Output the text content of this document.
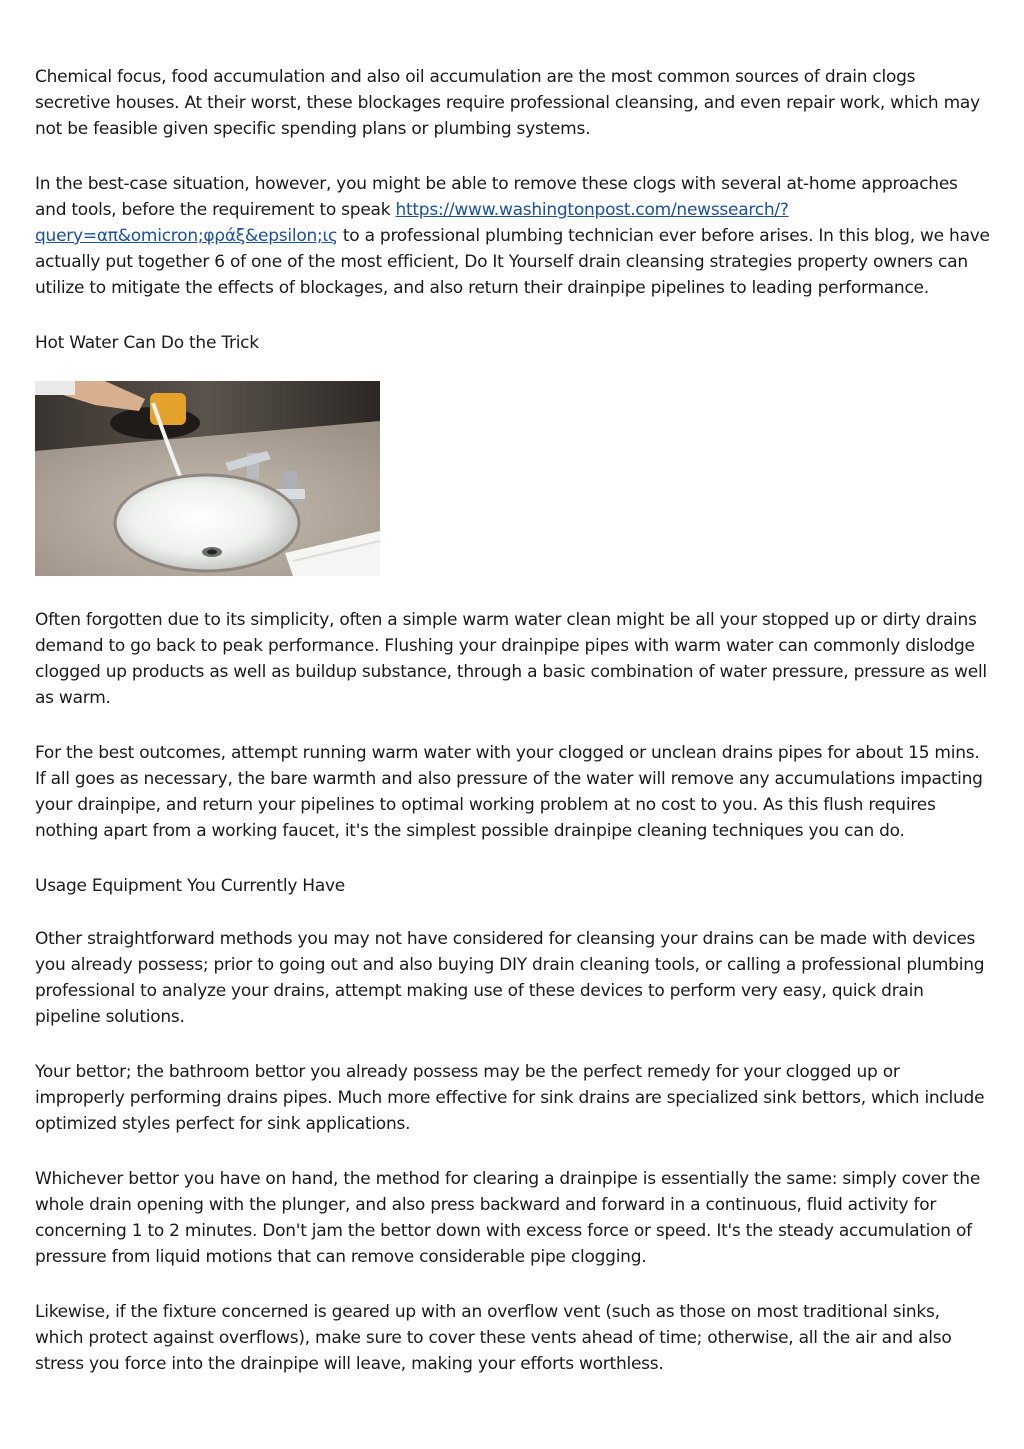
Chemical focus, food accumulation and also oil accumulation are the most common sources of drain clogs secretive houses. At their worst, these blockages require professional cleansing, and even repair work, which may not be feasible given specific spending plans or plumbing systems.

In the best-case situation, however, you might be able to remove these clogs with several at-home approaches and tools, before the requirement to speak https://www.washingtonpost.com/newssearch/?query=απ&omicron;φράξ&epsilon;ις to a professional plumbing technician ever before arises. In this blog, we have actually put together 6 of one of the most efficient, Do It Yourself drain cleansing strategies property owners can utilize to mitigate the effects of blockages, and also return their drainpipe pipelines to leading performance.

Hot Water Can Do the Trick

Often forgotten due to its simplicity, often a simple warm water clean might be all your stopped up or dirty drains demand to go back to peak performance. Flushing your drainpipe pipes with warm water can commonly dislodge clogged up products as well as buildup substance, through a basic combination of water pressure, pressure as well as warm.

For the best outcomes, attempt running warm water with your clogged or unclean drains pipes for about 15 mins. If all goes as necessary, the bare warmth and also pressure of the water will remove any accumulations impacting your drainpipe, and return your pipelines to optimal working problem at no cost to you. As this flush requires nothing apart from a working faucet, it's the simplest possible drainpipe cleaning techniques you can do.

Usage Equipment You Currently Have

Other straightforward methods you may not have considered for cleansing your drains can be made with devices you already possess; prior to going out and also buying DIY drain cleaning tools, or calling a professional plumbing professional to analyze your drains, attempt making use of these devices to perform very easy, quick drain pipeline solutions.

Your bettor; the bathroom bettor you already possess may be the perfect remedy for your clogged up or improperly performing drains pipes. Much more effective for sink drains are specialized sink bettors, which include optimized styles perfect for sink applications.

Whichever bettor you have on hand, the method for clearing a drainpipe is essentially the same: simply cover the whole drain opening with the plunger, and also press backward and forward in a continuous, fluid activity for concerning 1 to 2 minutes. Don't jam the bettor down with excess force or speed. It's the steady accumulation of pressure from liquid motions that can remove considerable pipe clogging.

Likewise, if the fixture concerned is geared up with an overflow vent (such as those on most traditional sinks, which protect against overflows), make sure to cover these vents ahead of time; otherwise, all the air and also stress you force into the drainpipe will leave, making your efforts worthless.
